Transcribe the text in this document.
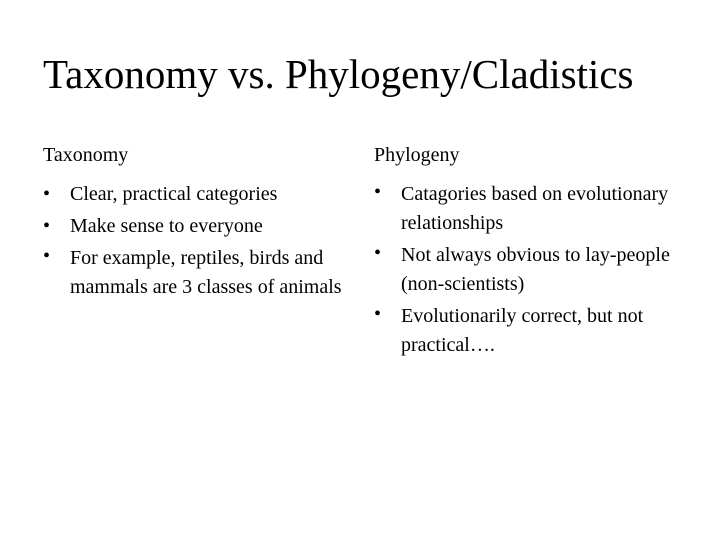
Taxonomy vs. Phylogeny/Cladistics
Taxonomy
• Clear, practical categories
• Make sense to everyone
• For example, reptiles, birds and mammals are 3 classes of animals
Phylogeny
• Catagories based on evolutionary relationships
• Not always obvious to lay-people (non-scientists)
• Evolutionarily correct, but not practical….
